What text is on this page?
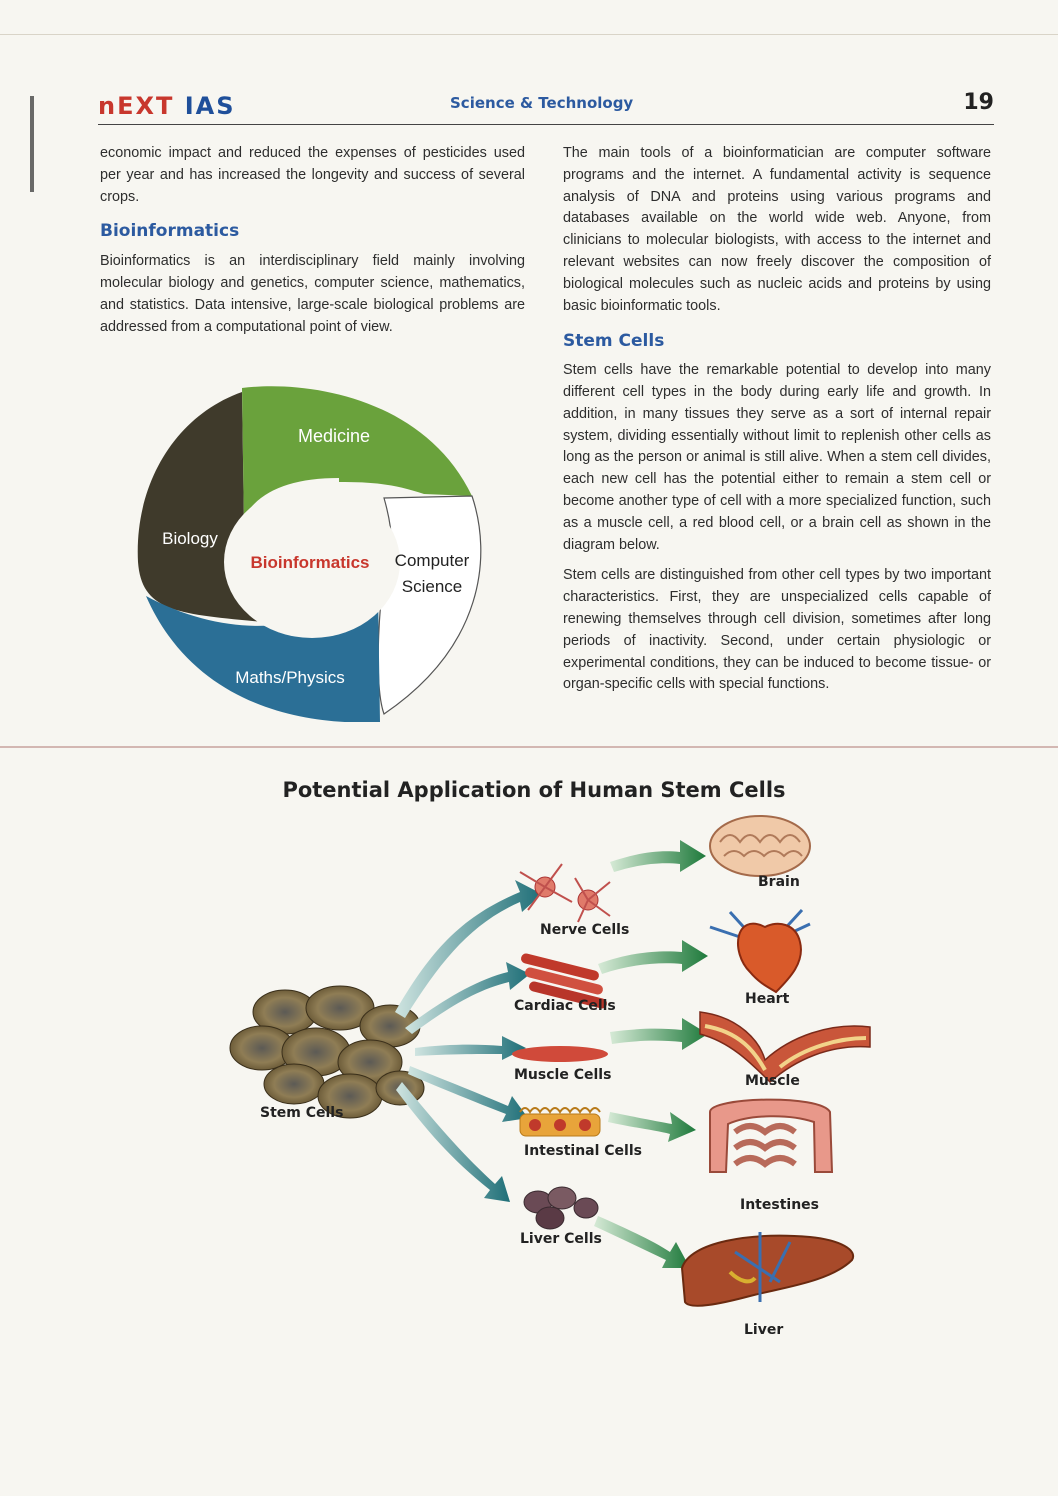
nEXT IAS	Science & Technology	19

economic impact and reduced the expenses of pesticides used per year and has increased the longevity and success of several crops.

Bioinformatics

Bioinformatics is an interdisciplinary field mainly involving molecular biology and genetics, computer science, mathematics, and statistics. Data intensive, large-scale biological problems are addressed from a computational point of view.

Medicine
Biology
Bioinformatics Computer
Science
Maths/Physics

The main tools of a bioinformatician are computer software programs and the internet. A fundamental activity is sequence analysis of DNA and proteins using various programs and databases available on the world wide web. Anyone, from clinicians to molecular biologists, with access to the internet and relevant websites can now freely discover the composition of biological molecules such as nucleic acids and proteins by using basic bioinformatic tools.

Stem Cells

Stem cells have the remarkable potential to develop into many different cell types in the body during early life and growth. In addition, in many tissues they serve as a sort of internal repair system, dividing essentially without limit to replenish other cells as long as the person or animal is still alive. When a stem cell divides, each new cell has the potential either to remain a stem cell or become another type of cell with a more specialized function, such as a muscle cell, a red blood cell, or a brain cell as shown in the diagram below.

Stem cells are distinguished from other cell types by two important characteristics. First, they are unspecialized cells capable of renewing themselves through cell division, sometimes after long periods of inactivity. Second, under certain physiologic or experimental conditions, they can be induced to become tissue- or organ-specific cells with special functions.

Potential Application of Human Stem Cells
Stem Cells
Nerve Cells
Cardiac Cells
Muscle Cells
Intestinal Cells
Liver Cells
Brain
Heart
Muscle
Intestines
Liver
